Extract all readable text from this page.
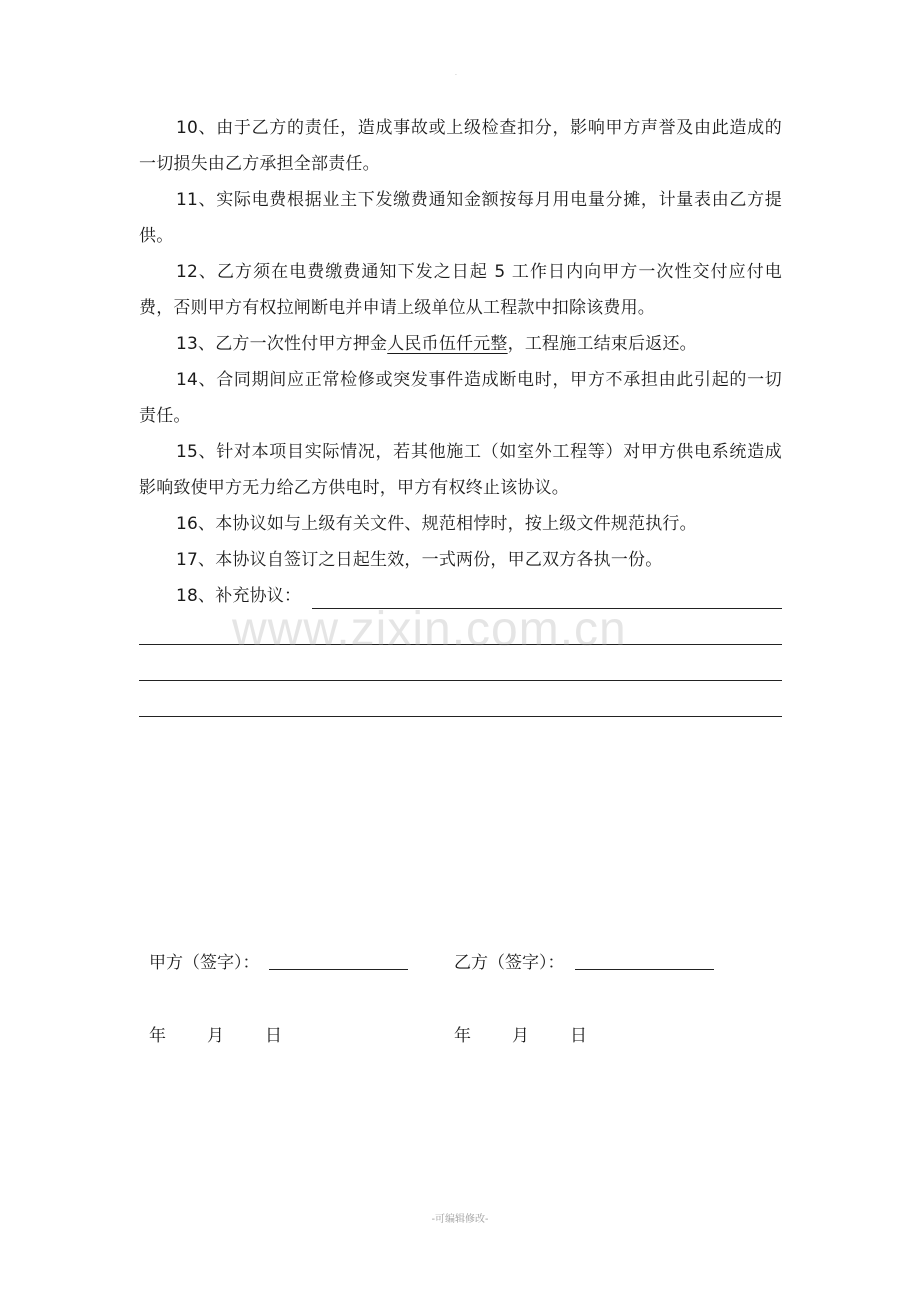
.

10、由于乙方的责任，造成事故或上级检查扣分，影响甲方声誉及由此造成的一切损失由乙方承担全部责任。

11、实际电费根据业主下发缴费通知金额按每月用电量分摊，计量表由乙方提供。

12、乙方须在电费缴费通知下发之日起 5 工作日内向甲方一次性交付应付电费，否则甲方有权拉闸断电并申请上级单位从工程款中扣除该费用。

13、乙方一次性付甲方押金人民币伍仟元整，工程施工结束后返还。

14、合同期间应正常检修或突发事件造成断电时，甲方不承担由此引起的一切责任。

15、针对本项目实际情况，若其他施工（如室外工程等）对甲方供电系统造成影响致使甲方无力给乙方供电时，甲方有权终止该协议。

16、本协议如与上级有关文件、规范相悖时，按上级文件规范执行。

17、本协议自签订之日起生效，一式两份，甲乙双方各执一份。

18、补充协议：

www.zixin.com.cn
甲方（签字）：	乙方（签字）：
年 月 日	年 月 日
-可编辑修改-
